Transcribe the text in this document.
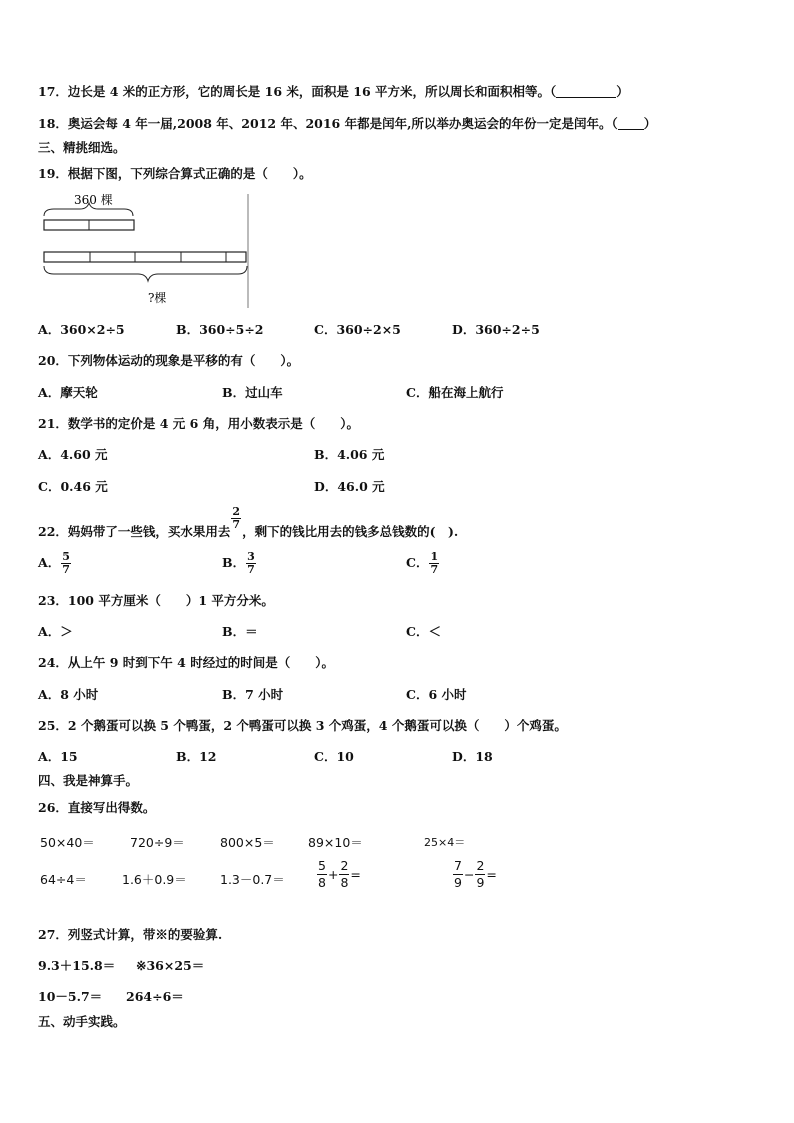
17．边长是 4 米的正方形，它的周长是 16 米，面积是 16 平方米，所以周长和面积相等。（	）
18．奥运会每 4 年一届,2008 年、2012 年、2016 年都是闰年,所以举办奥运会的年份一定是闰年。（ ）
三、精挑细选。
19．根据下图，下列综合算式正确的是（　　）。
360 棵
?棵
A．360×2÷5	B．360÷5÷2	C．360÷2×5	D．360÷2÷5
20．下列物体运动的现象是平移的有（　　）。
A．摩天轮	B．过山车	C．船在海上航行
21．数学书的定价是 4 元 6 角，用小数表示是（　　）。
A．4.60 元	B．4.06 元
C．0.46 元	D．46.0 元
22．妈妈带了一些钱，买水果用去
$\frac{2}{7}$
，剩下的钱比用去的钱多总钱数的(　).
A． $\frac{5}{7}$	B． $\frac{3}{7}$	C． $\frac{1}{7}$
23．100 平方厘米（　　）1 平方分米。
A．＞	B．＝	C．＜
24．从上午 9 时到下午 4 时经过的时间是（　　）。
A．8 小时	B．7 小时	C．6 小时
25．2 个鹅蛋可以换 5 个鸭蛋，2 个鸭蛋可以换 3 个鸡蛋，4 个鹅蛋可以换（　　）个鸡蛋。
A．15	B．12	C．10	D．18
四、我是神算手。
26．直接写出得数。
50×40＝	720÷9＝	800×5＝	89×10＝	25×4＝
64÷4＝	1.6＋0.9＝	1.3－0.7＝	$\frac{5}{8} + \frac{2}{8}$ =	$\frac{7}{9} - \frac{2}{9}$ =
27．列竖式计算，带※的要验算.
9.3＋15.8＝ ※36×25＝
10－5.7＝ 264÷6＝
五、动手实践。
